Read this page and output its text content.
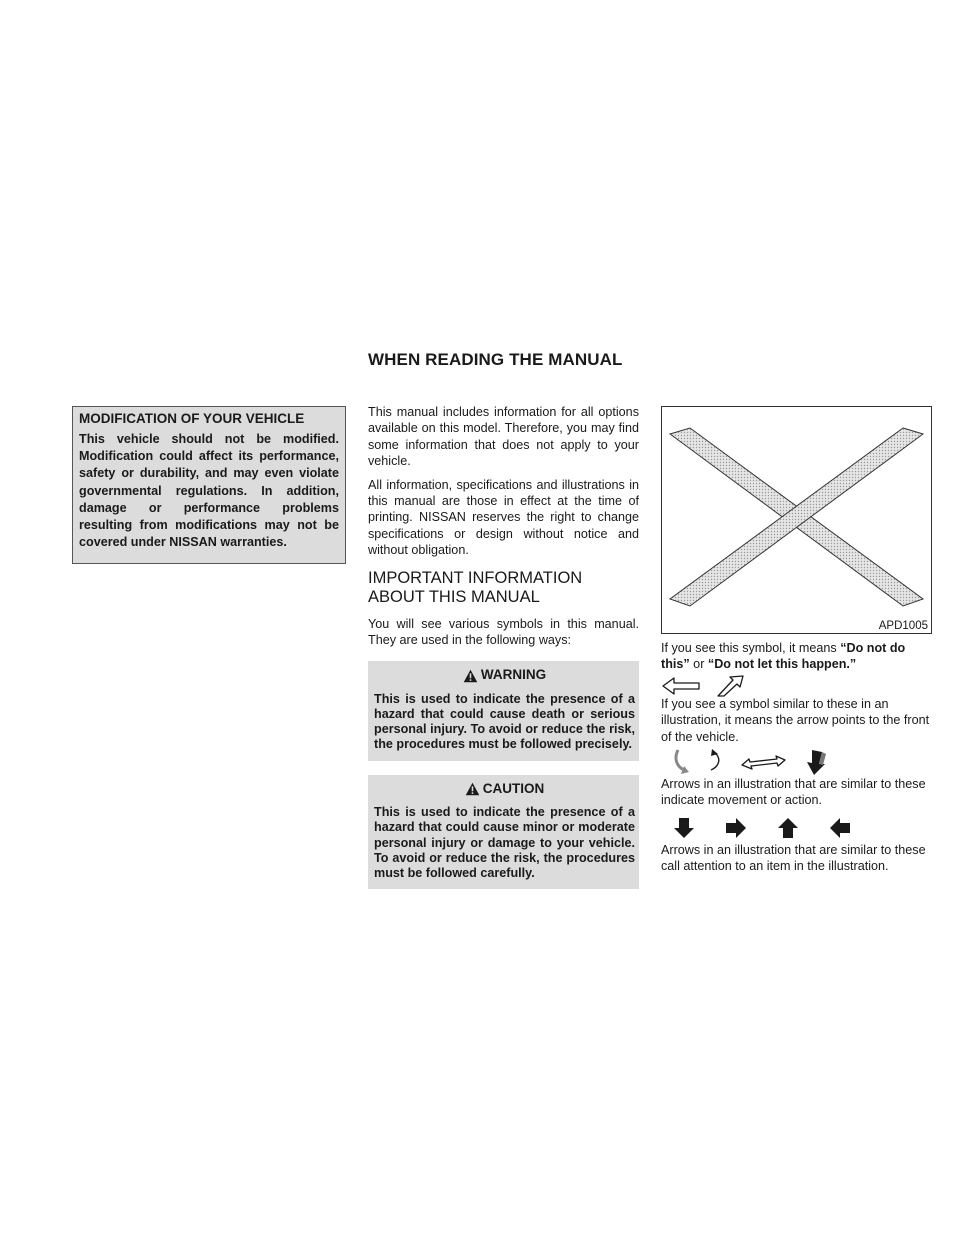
WHEN READING THE MANUAL
MODIFICATION OF YOUR VEHICLE
This vehicle should not be modified. Modification could affect its performance, safety or durability, and may even violate governmental regulations. In addition, damage or performance problems resulting from modifications may not be covered under NISSAN warranties.

This manual includes information for all options available on this model. Therefore, you may find some information that does not apply to your vehicle.

All information, specifications and illustrations in this manual are those in effect at the time of printing. NISSAN reserves the right to change specifications or design without notice and without obligation.

IMPORTANT INFORMATION ABOUT THIS MANUAL

You will see various symbols in this manual. They are used in the following ways:

WARNING
This is used to indicate the presence of a hazard that could cause death or serious personal injury. To avoid or reduce the risk, the procedures must be followed precisely.
CAUTION
This is used to indicate the presence of a hazard that could cause minor or moderate personal injury or damage to your vehicle. To avoid or reduce the risk, the procedures must be followed carefully.
APD1005

If you see this symbol, it means “Do not do this” or “Do not let this happen.”

If you see a symbol similar to these in an illustration, it means the arrow points to the front of the vehicle.

Arrows in an illustration that are similar to these indicate movement or action.

Arrows in an illustration that are similar to these call attention to an item in the illustration.
